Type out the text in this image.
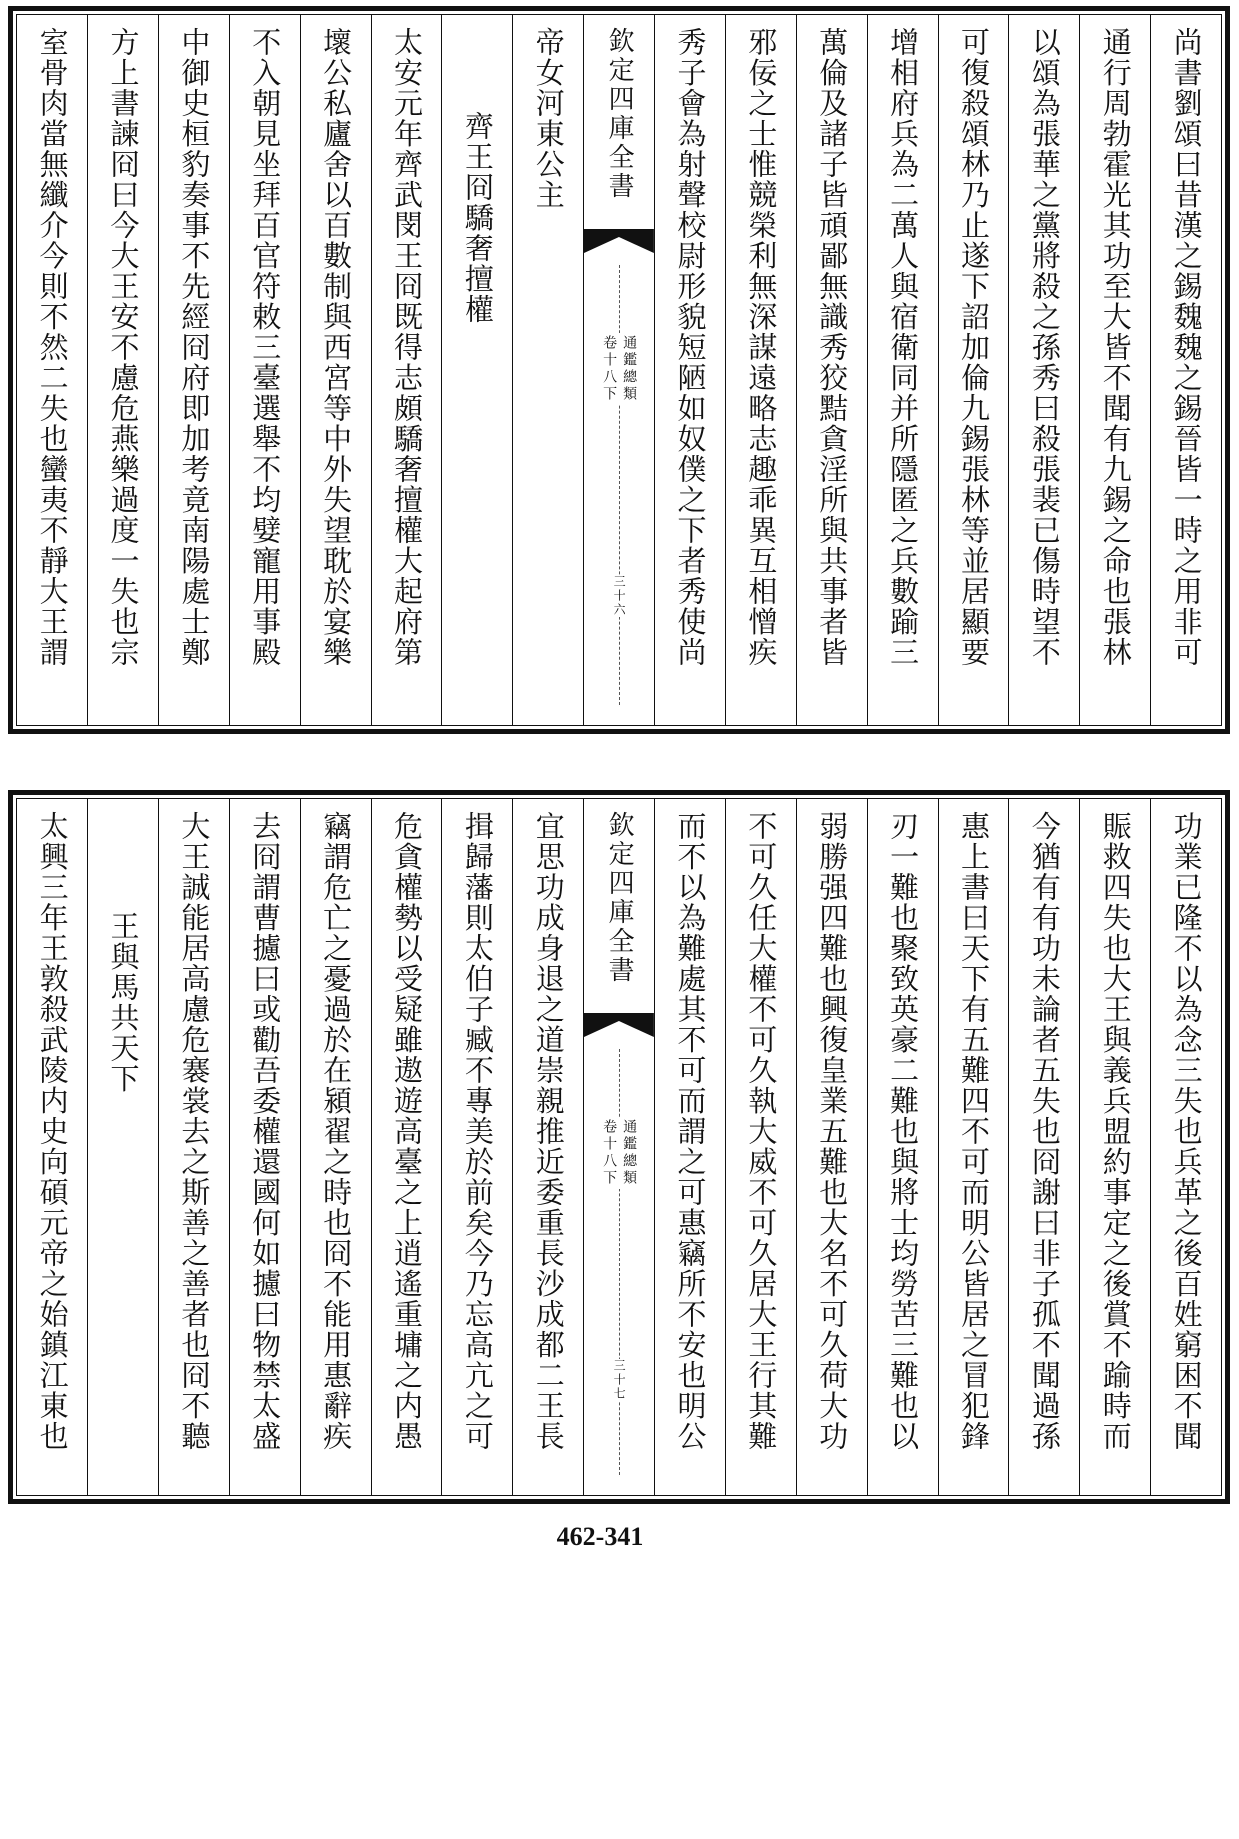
尚書劉頌曰昔漢之錫魏魏之錫晉皆一時之用非可
通行周勃霍光其功至大皆不聞有九錫之命也張林
以頌為張華之黨將殺之孫秀曰殺張裴已傷時望不
可復殺頌林乃止遂下詔加倫九錫張林等並居顯要
增相府兵為二萬人與宿衛同并所隱匿之兵數踰三
萬倫及諸子皆頑鄙無識秀狡黠貪淫所與共事者皆
邪佞之士惟競榮利無深謀遠略志趣乖異互相憎疾
秀子會為射聲校尉形貌短陋如奴僕之下者秀使尚
欽定四庫全書
通鑑總類
卷十八下
三十六
帝女河東公主
齊王冏驕奢擅權
太安元年齊武閔王冏既得志頗驕奢擅權大起府第
壞公私廬舍以百數制與西宮等中外失望耽於宴樂
不入朝見坐拜百官符敕三臺選舉不均嬖寵用事殿
中御史桓豹奏事不先經冏府即加考竟南陽處士鄭
方上書諫冏曰今大王安不慮危燕樂過度一失也宗
室骨肉當無纖介今則不然二失也蠻夷不靜大王謂
功業已隆不以為念三失也兵革之後百姓窮困不聞
賑救四失也大王與義兵盟約事定之後賞不踰時而
今猶有有功未論者五失也冏謝曰非子孤不聞過孫
惠上書曰天下有五難四不可而明公皆居之冒犯鋒
刃一難也聚致英豪二難也與將士均勞苦三難也以
弱勝强四難也興復皇業五難也大名不可久荷大功
不可久任大權不可久執大威不可久居大王行其難
而不以為難處其不可而謂之可惠竊所不安也明公
欽定四庫全書
通鑑總類
卷十八下
三十七
宜思功成身退之道崇親推近委重長沙成都二王長
揖歸藩則太伯子臧不專美於前矣今乃忘高亢之可
危貪權勢以受疑雖遨遊高臺之上逍遙重墉之内愚
竊謂危亡之憂過於在潁翟之時也冏不能用惠辭疾
去冏謂曹攄曰或勸吾委權還國何如攄曰物禁太盛
大王誠能居高慮危褰裳去之斯善之善者也冏不聽
王與馬共天下
太興三年王敦殺武陵内史向碩元帝之始鎮江東也
462-341
